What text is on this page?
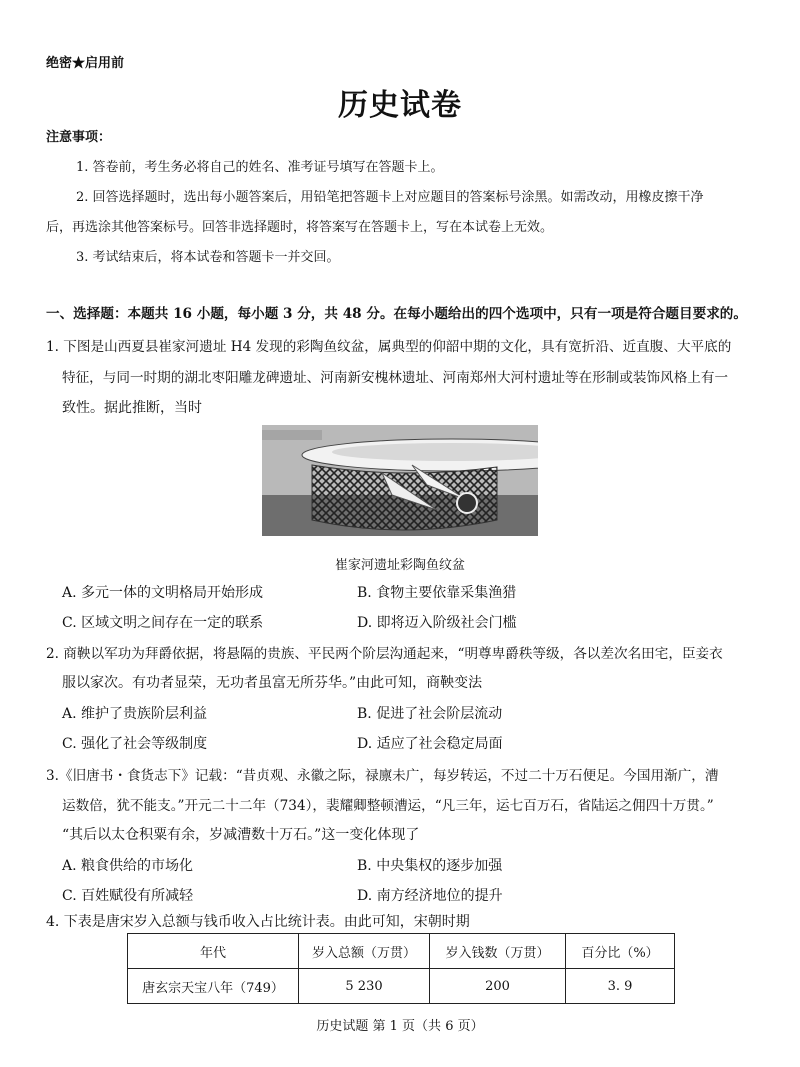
绝密★启用前
历史试卷
注意事项：
1. 答卷前，考生务必将自己的姓名、准考证号填写在答题卡上。
2. 回答选择题时，选出每小题答案后，用铅笔把答题卡上对应题目的答案标号涂黑。如需改动，用橡皮擦干净
后，再选涂其他答案标号。回答非选择题时，将答案写在答题卡上，写在本试卷上无效。
3. 考试结束后，将本试卷和答题卡一并交回。
一、选择题：本题共 16 小题，每小题 3 分，共 48 分。在每小题给出的四个选项中，只有一项是符合题目要求的。
1. 下图是山西夏县崔家河遗址 H4 发现的彩陶鱼纹盆，属典型的仰韶中期的文化，具有宽折沿、近直腹、大平底的
特征，与同一时期的湖北枣阳雕龙碑遗址、河南新安槐林遗址、河南郑州大河村遗址等在形制或装饰风格上有一
致性。据此推断，当时
崔家河遗址彩陶鱼纹盆
A. 多元一体的文明格局开始形成	B. 食物主要依靠采集渔猎
C. 区域文明之间存在一定的联系	D. 即将迈入阶级社会门槛
2. 商鞅以军功为拜爵依据，将悬隔的贵族、平民两个阶层沟通起来，“明尊卑爵秩等级，各以差次名田宅，臣妾衣
服以家次。有功者显荣，无功者虽富无所芬华。”由此可知，商鞅变法
A. 维护了贵族阶层利益	B. 促进了社会阶层流动
C. 强化了社会等级制度	D. 适应了社会稳定局面
3.《旧唐书・食货志下》记载：“昔贞观、永徽之际，禄廪未广，每岁转运，不过二十万石便足。今国用渐广，漕
运数倍，犹不能支。”开元二十二年（734），裴耀卿整顿漕运，“凡三年，运七百万石，省陆运之佣四十万贯。”
“其后以太仓积粟有余，岁减漕数十万石。”这一变化体现了
A. 粮食供给的市场化	B. 中央集权的逐步加强
C. 百姓赋役有所减轻	D. 南方经济地位的提升
4. 下表是唐宋岁入总额与钱币收入占比统计表。由此可知，宋朝时期
年代	岁入总额（万贯）	岁入钱数（万贯）	百分比（%）
唐玄宗天宝八年（749）	5 230	200	3. 9
历史试题 第 1 页（共 6 页）
